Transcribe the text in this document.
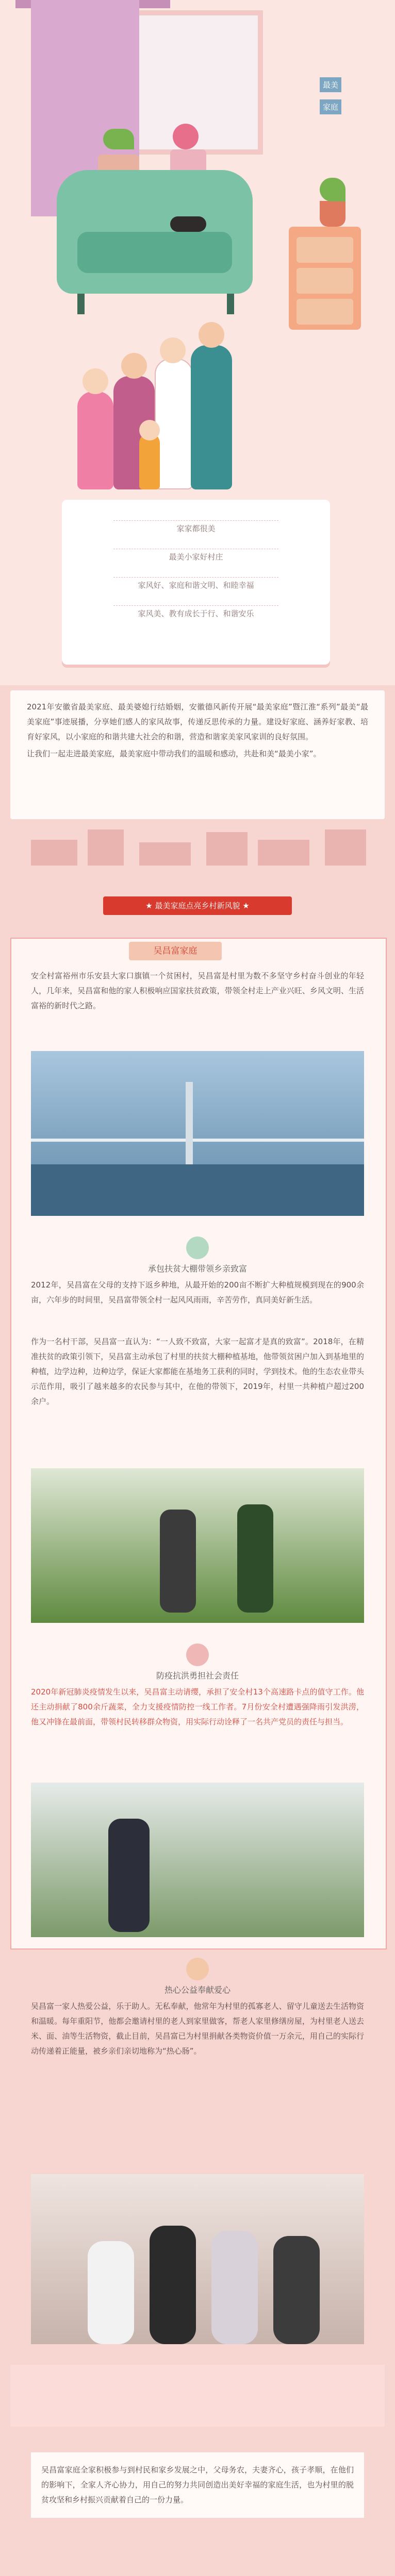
最美
家庭
家家都很美
最美小家好村庄
家风好、家庭和谐文明、和睦幸福
家风美、教有成长于行、和谐安乐
2021年安徽省最美家庭、最美婆媳行结婚姻，安徽德风新传开展“最美家庭”暨江淮“系列”最美“最美家庭”事迹展播，分享她们感人的家风故事，传递反思传承的力量。建设好家庭、涵养好家教、培育好家风，以小家庭的和谐共建大社会的和谐，营造和谐家美家风家训的良好氛围。
让我们一起走进最美家庭，最美家庭中带动我们的温暖和感动，共赴和美“最美小家”。
★ 最美家庭点亮乡村新风貌 ★
吴昌富家庭
安全村富裕州市乐安县大家口旗镇一个贫困村，吴昌富是村里为数不多坚守乡村奋斗创业的年轻人，几年来，吴昌富和他的家人积极响应国家扶贫政策，带领全村走上产业兴旺、乡风文明、生活富裕的新时代之路。
承包扶贫大棚带领乡亲致富
2012年，吴昌富在父母的支持下返乡种地，从最开始的200亩不断扩大种植规模到现在的900余亩，六年步的时间里，吴昌富带领全村一起风风雨雨，辛苦劳作，真同美好新生活。
作为一名村干部，吴昌富一直认为：“一人致不致富，大家一起富才是真的致富”。2018年，在精准扶贫的政策引领下，吴昌富主动承包了村里的扶贫大棚种植基地，他带领贫困户加入到基地里的种植，边学边种，边种边学，保证大家都能在基地务工获利的同时，学到技术。他的生态农业带头示范作用，吸引了越来越多的农民参与其中，在他的带领下，2019年，村里一共种植户超过200余户。
防疫抗洪勇担社会责任
2020年新冠肺炎疫情发生以来，吴昌富主动请缨，承担了安全村13个高速路卡点的值守工作。他还主动捐献了800余斤蔬菜，全力支援疫情防控一线工作者。7月份安全村遭遇强降雨引发洪涝，他又冲锋在最前面，带领村民转移群众物资，用实际行动诠释了一名共产党员的责任与担当。
热心公益奉献爱心
吴昌富一家人热爱公益，乐于助人。无私奉献，他常年为村里的孤寡老人、留守儿童送去生活物资和温暖。每年重阳节，他都会邀请村里的老人到家里做客，帮老人家里修缮房屋，为村里老人送去米、面、油等生活物资，截止目前，吴昌富已为村里捐献各类物资价值一万余元，用自己的实际行动传递着正能量，被乡亲们亲切地称为“热心肠”。
吴昌富家庭全家积极参与到村民和家乡发展之中，父母务农，夫妻齐心，孩子孝顺，在他们的影响下，全家人齐心协力，用自己的努力共同创造出美好幸福的家庭生活，也为村里的脱贫攻坚和乡村振兴贡献着自己的一份力量。
